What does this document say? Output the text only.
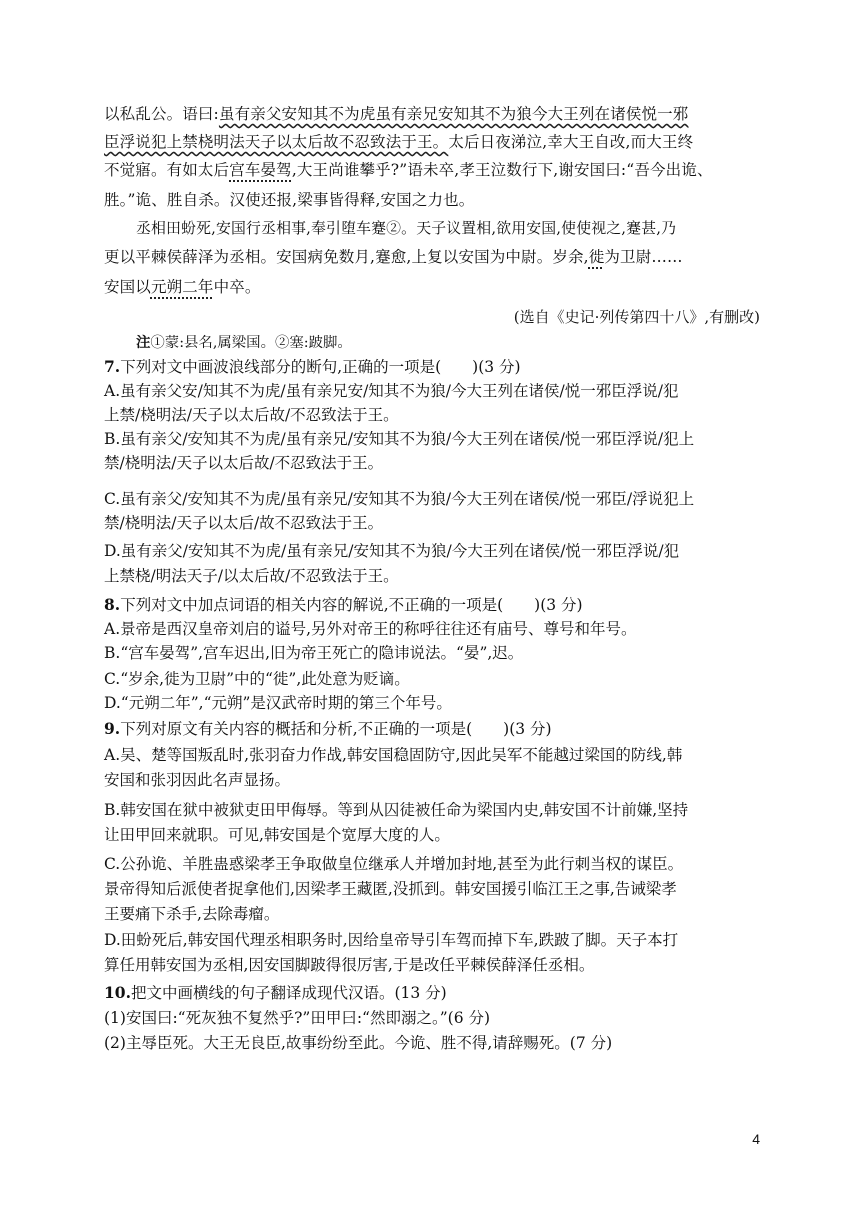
以私乱公。语曰:虽有亲父安知其不为虎虽有亲兄安知其不为狼今大王列在诸侯悦一邪
臣浮说犯上禁桡明法天子以太后故不忍致法于王。太后日夜涕泣,幸大王自改,而大王终
不觉寤。有如太后宫车晏驾,大王尚谁攀乎?”语未卒,孝王泣数行下,谢安国曰:“吾今出诡、
胜。”诡、胜自杀。汉使还报,梁事皆得释,安国之力也。
丞相田蚡死,安国行丞相事,奉引堕车蹇②。天子议置相,欲用安国,使使视之,蹇甚,乃
更以平棘侯薛泽为丞相。安国病免数月,蹇愈,上复以安国为中尉。岁余,徙为卫尉……
安国以元朔二年中卒。
(选自《史记·列传第四十八》,有删改)
注①蒙:县名,属梁国。②塞:跛脚。
7.下列对文中画波浪线部分的断句,正确的一项是(　　)(3 分)
A.虽有亲父安/知其不为虎/虽有亲兄安/知其不为狼/今大王列在诸侯/悦一邪臣浮说/犯
上禁/桡明法/天子以太后故/不忍致法于王。
B.虽有亲父/安知其不为虎/虽有亲兄/安知其不为狼/今大王列在诸侯/悦一邪臣浮说/犯上
禁/桡明法/天子以太后故/不忍致法于王。
C.虽有亲父/安知其不为虎/虽有亲兄/安知其不为狼/今大王列在诸侯/悦一邪臣/浮说犯上
禁/桡明法/天子以太后/故不忍致法于王。
D.虽有亲父/安知其不为虎/虽有亲兄/安知其不为狼/今大王列在诸侯/悦一邪臣浮说/犯
上禁桡/明法天子/以太后故/不忍致法于王。
8.下列对文中加点词语的相关内容的解说,不正确的一项是(　　)(3 分)
A.景帝是西汉皇帝刘启的谥号,另外对帝王的称呼往往还有庙号、尊号和年号。
B.“宫车晏驾”,宫车迟出,旧为帝王死亡的隐讳说法。“晏”,迟。
C.“岁余,徙为卫尉”中的“徙”,此处意为贬谪。
D.“元朔二年”,“元朔”是汉武帝时期的第三个年号。
9.下列对原文有关内容的概括和分析,不正确的一项是(　　)(3 分)
A.吴、楚等国叛乱时,张羽奋力作战,韩安国稳固防守,因此吴军不能越过梁国的防线,韩
安国和张羽因此名声显扬。
B.韩安国在狱中被狱吏田甲侮辱。等到从囚徒被任命为梁国内史,韩安国不计前嫌,坚持
让田甲回来就职。可见,韩安国是个宽厚大度的人。
C.公孙诡、羊胜蛊惑梁孝王争取做皇位继承人并增加封地,甚至为此行刺当权的谋臣。
景帝得知后派使者捉拿他们,因梁孝王藏匿,没抓到。韩安国援引临江王之事,告诫梁孝
王要痛下杀手,去除毒瘤。
D.田蚡死后,韩安国代理丞相职务时,因给皇帝导引车驾而掉下车,跌跛了脚。天子本打
算任用韩安国为丞相,因安国脚跛得很厉害,于是改任平棘侯薛泽任丞相。
10.把文中画横线的句子翻译成现代汉语。(13 分)
(1)安国曰:“死灰独不复然乎?”田甲曰:“然即溺之。”(6 分)
(2)主辱臣死。大王无良臣,故事纷纷至此。今诡、胜不得,请辞赐死。(7 分)
4
